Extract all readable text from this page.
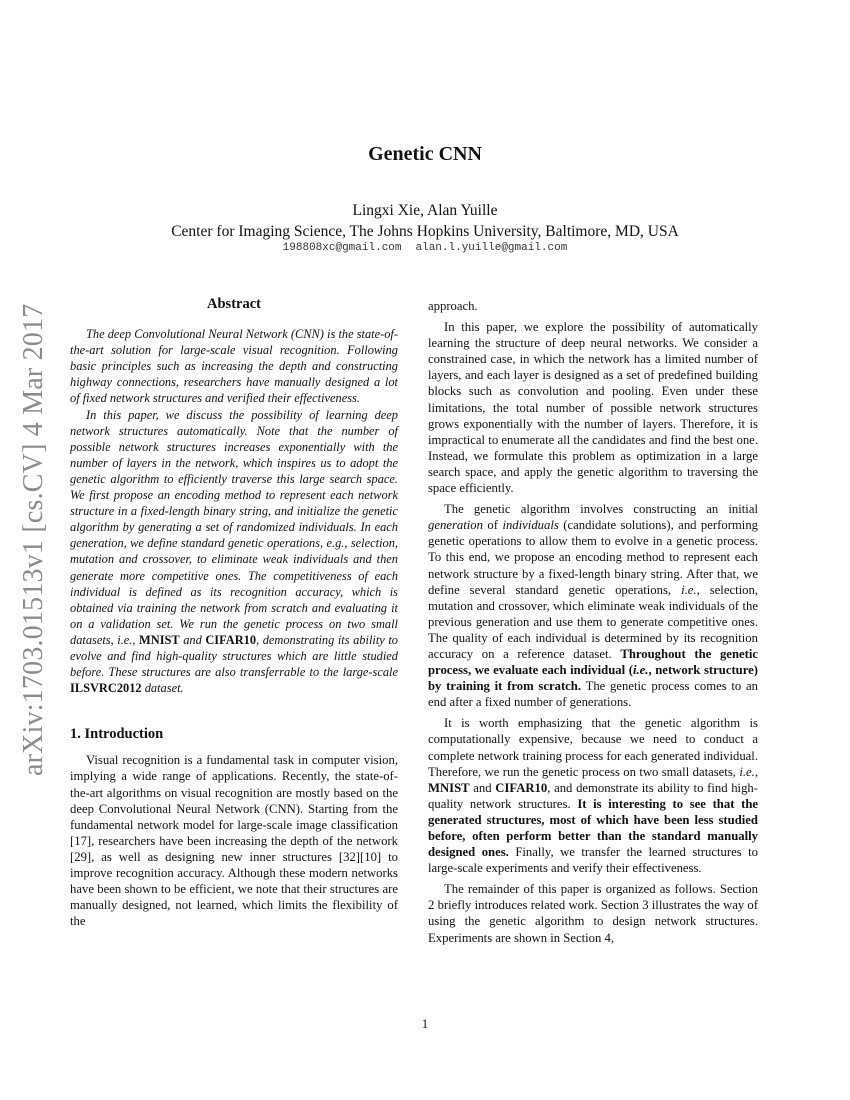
Genetic CNN
Lingxi Xie, Alan Yuille
Center for Imaging Science, The Johns Hopkins University, Baltimore, MD, USA
198808xc@gmail.com alan.l.yuille@gmail.com
arXiv:1703.01513v1 [cs.CV] 4 Mar 2017	Abstract

The deep Convolutional Neural Network (CNN) is the state-of-the-art solution for large-scale visual recognition. Following basic principles such as increasing the depth and constructing highway connections, researchers have manually designed a lot of fixed network structures and verified their effectiveness.

In this paper, we discuss the possibility of learning deep network structures automatically. Note that the number of possible network structures increases exponentially with the number of layers in the network, which inspires us to adopt the genetic algorithm to efficiently traverse this large search space. We first propose an encoding method to represent each network structure in a fixed-length binary string, and initialize the genetic algorithm by generating a set of randomized individuals. In each generation, we define standard genetic operations, e.g., selection, mutation and crossover, to eliminate weak individuals and then generate more competitive ones. The competitiveness of each individual is defined as its recognition accuracy, which is obtained via training the network from scratch and evaluating it on a validation set. We run the genetic process on two small datasets, i.e., MNIST and CIFAR10, demonstrating its ability to evolve and find high-quality structures which are little studied before. These structures are also transferrable to the large-scale ILSVRC2012 dataset.

1. Introduction

Visual recognition is a fundamental task in computer vision, implying a wide range of applications. Recently, the state-of-the-art algorithms on visual recognition are mostly based on the deep Convolutional Neural Network (CNN). Starting from the fundamental network model for large-scale image classification [17], researchers have been increasing the depth of the network [29], as well as designing new inner structures [32][10] to improve recognition accuracy. Although these modern networks have been shown to be efficient, we note that their structures are manually designed, not learned, which limits the flexibility of the

approach.

In this paper, we explore the possibility of automatically learning the structure of deep neural networks. We consider a constrained case, in which the network has a limited number of layers, and each layer is designed as a set of predefined building blocks such as convolution and pooling. Even under these limitations, the total number of possible network structures grows exponentially with the number of layers. Therefore, it is impractical to enumerate all the candidates and find the best one. Instead, we formulate this problem as optimization in a large search space, and apply the genetic algorithm to traversing the space efficiently.

The genetic algorithm involves constructing an initial generation of individuals (candidate solutions), and performing genetic operations to allow them to evolve in a genetic process. To this end, we propose an encoding method to represent each network structure by a fixed-length binary string. After that, we define several standard genetic operations, i.e., selection, mutation and crossover, which eliminate weak individuals of the previous generation and use them to generate competitive ones. The quality of each individual is determined by its recognition accuracy on a reference dataset. Throughout the genetic process, we evaluate each individual (i.e., network structure) by training it from scratch. The genetic process comes to an end after a fixed number of generations.

It is worth emphasizing that the genetic algorithm is computationally expensive, because we need to conduct a complete network training process for each generated individual. Therefore, we run the genetic process on two small datasets, i.e., MNIST and CIFAR10, and demonstrate its ability to find high-quality network structures. It is interesting to see that the generated structures, most of which have been less studied before, often perform better than the standard manually designed ones. Finally, we transfer the learned structures to large-scale experiments and verify their effectiveness.

The remainder of this paper is organized as follows. Section 2 briefly introduces related work. Section 3 illustrates the way of using the genetic algorithm to design network structures. Experiments are shown in Section 4,

1
